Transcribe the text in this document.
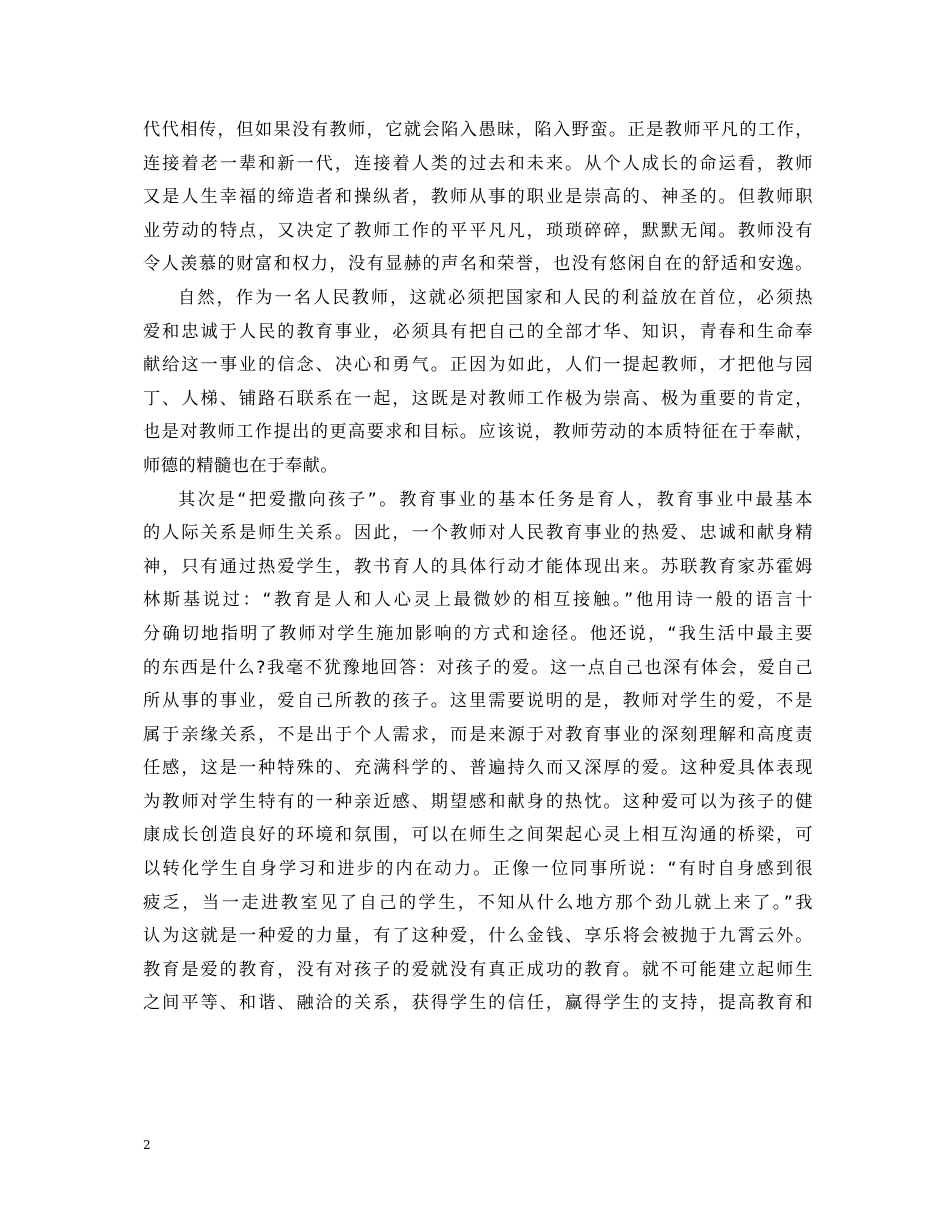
代代相传，但如果没有教师，它就会陷入愚昧，陷入野蛮。正是教师平凡的工作，
连接着老一辈和新一代，连接着人类的过去和未来。从个人成长的命运看，教师
又是人生幸福的缔造者和操纵者，教师从事的职业是崇高的、神圣的。但教师职
业劳动的特点，又决定了教师工作的平平凡凡，琐琐碎碎，默默无闻。教师没有
令人羡慕的财富和权力，没有显赫的声名和荣誉，也没有悠闲自在的舒适和安逸。
自然，作为一名人民教师，这就必须把国家和人民的利益放在首位，必须热
爱和忠诚于人民的教育事业，必须具有把自己的全部才华、知识，青春和生命奉
献给这一事业的信念、决心和勇气。正因为如此，人们一提起教师，才把他与园
丁、人梯、铺路石联系在一起，这既是对教师工作极为崇高、极为重要的肯定，
也是对教师工作提出的更高要求和目标。应该说，教师劳动的本质特征在于奉献，
师德的精髓也在于奉献。
其次是“把爱撒向孩子”。教育事业的基本任务是育人，教育事业中最基本
的人际关系是师生关系。因此，一个教师对人民教育事业的热爱、忠诚和献身精
神，只有通过热爱学生，教书育人的具体行动才能体现出来。苏联教育家苏霍姆
林斯基说过：“教育是人和人心灵上最微妙的相互接触。”他用诗一般的语言十
分确切地指明了教师对学生施加影响的方式和途径。他还说，“我生活中最主要
的东西是什么?我毫不犹豫地回答：对孩子的爱。这一点自己也深有体会，爱自己
所从事的事业，爱自己所教的孩子。这里需要说明的是，教师对学生的爱，不是
属于亲缘关系，不是出于个人需求，而是来源于对教育事业的深刻理解和高度责
任感，这是一种特殊的、充满科学的、普遍持久而又深厚的爱。这种爱具体表现
为教师对学生特有的一种亲近感、期望感和献身的热忱。这种爱可以为孩子的健
康成长创造良好的环境和氛围，可以在师生之间架起心灵上相互沟通的桥梁，可
以转化学生自身学习和进步的内在动力。正像一位同事所说：“有时自身感到很
疲乏，当一走进教室见了自己的学生，不知从什么地方那个劲儿就上来了。”我
认为这就是一种爱的力量，有了这种爱，什么金钱、享乐将会被抛于九霄云外。
教育是爱的教育，没有对孩子的爱就没有真正成功的教育。就不可能建立起师生
之间平等、和谐、融洽的关系，获得学生的信任，赢得学生的支持，提高教育和
2
